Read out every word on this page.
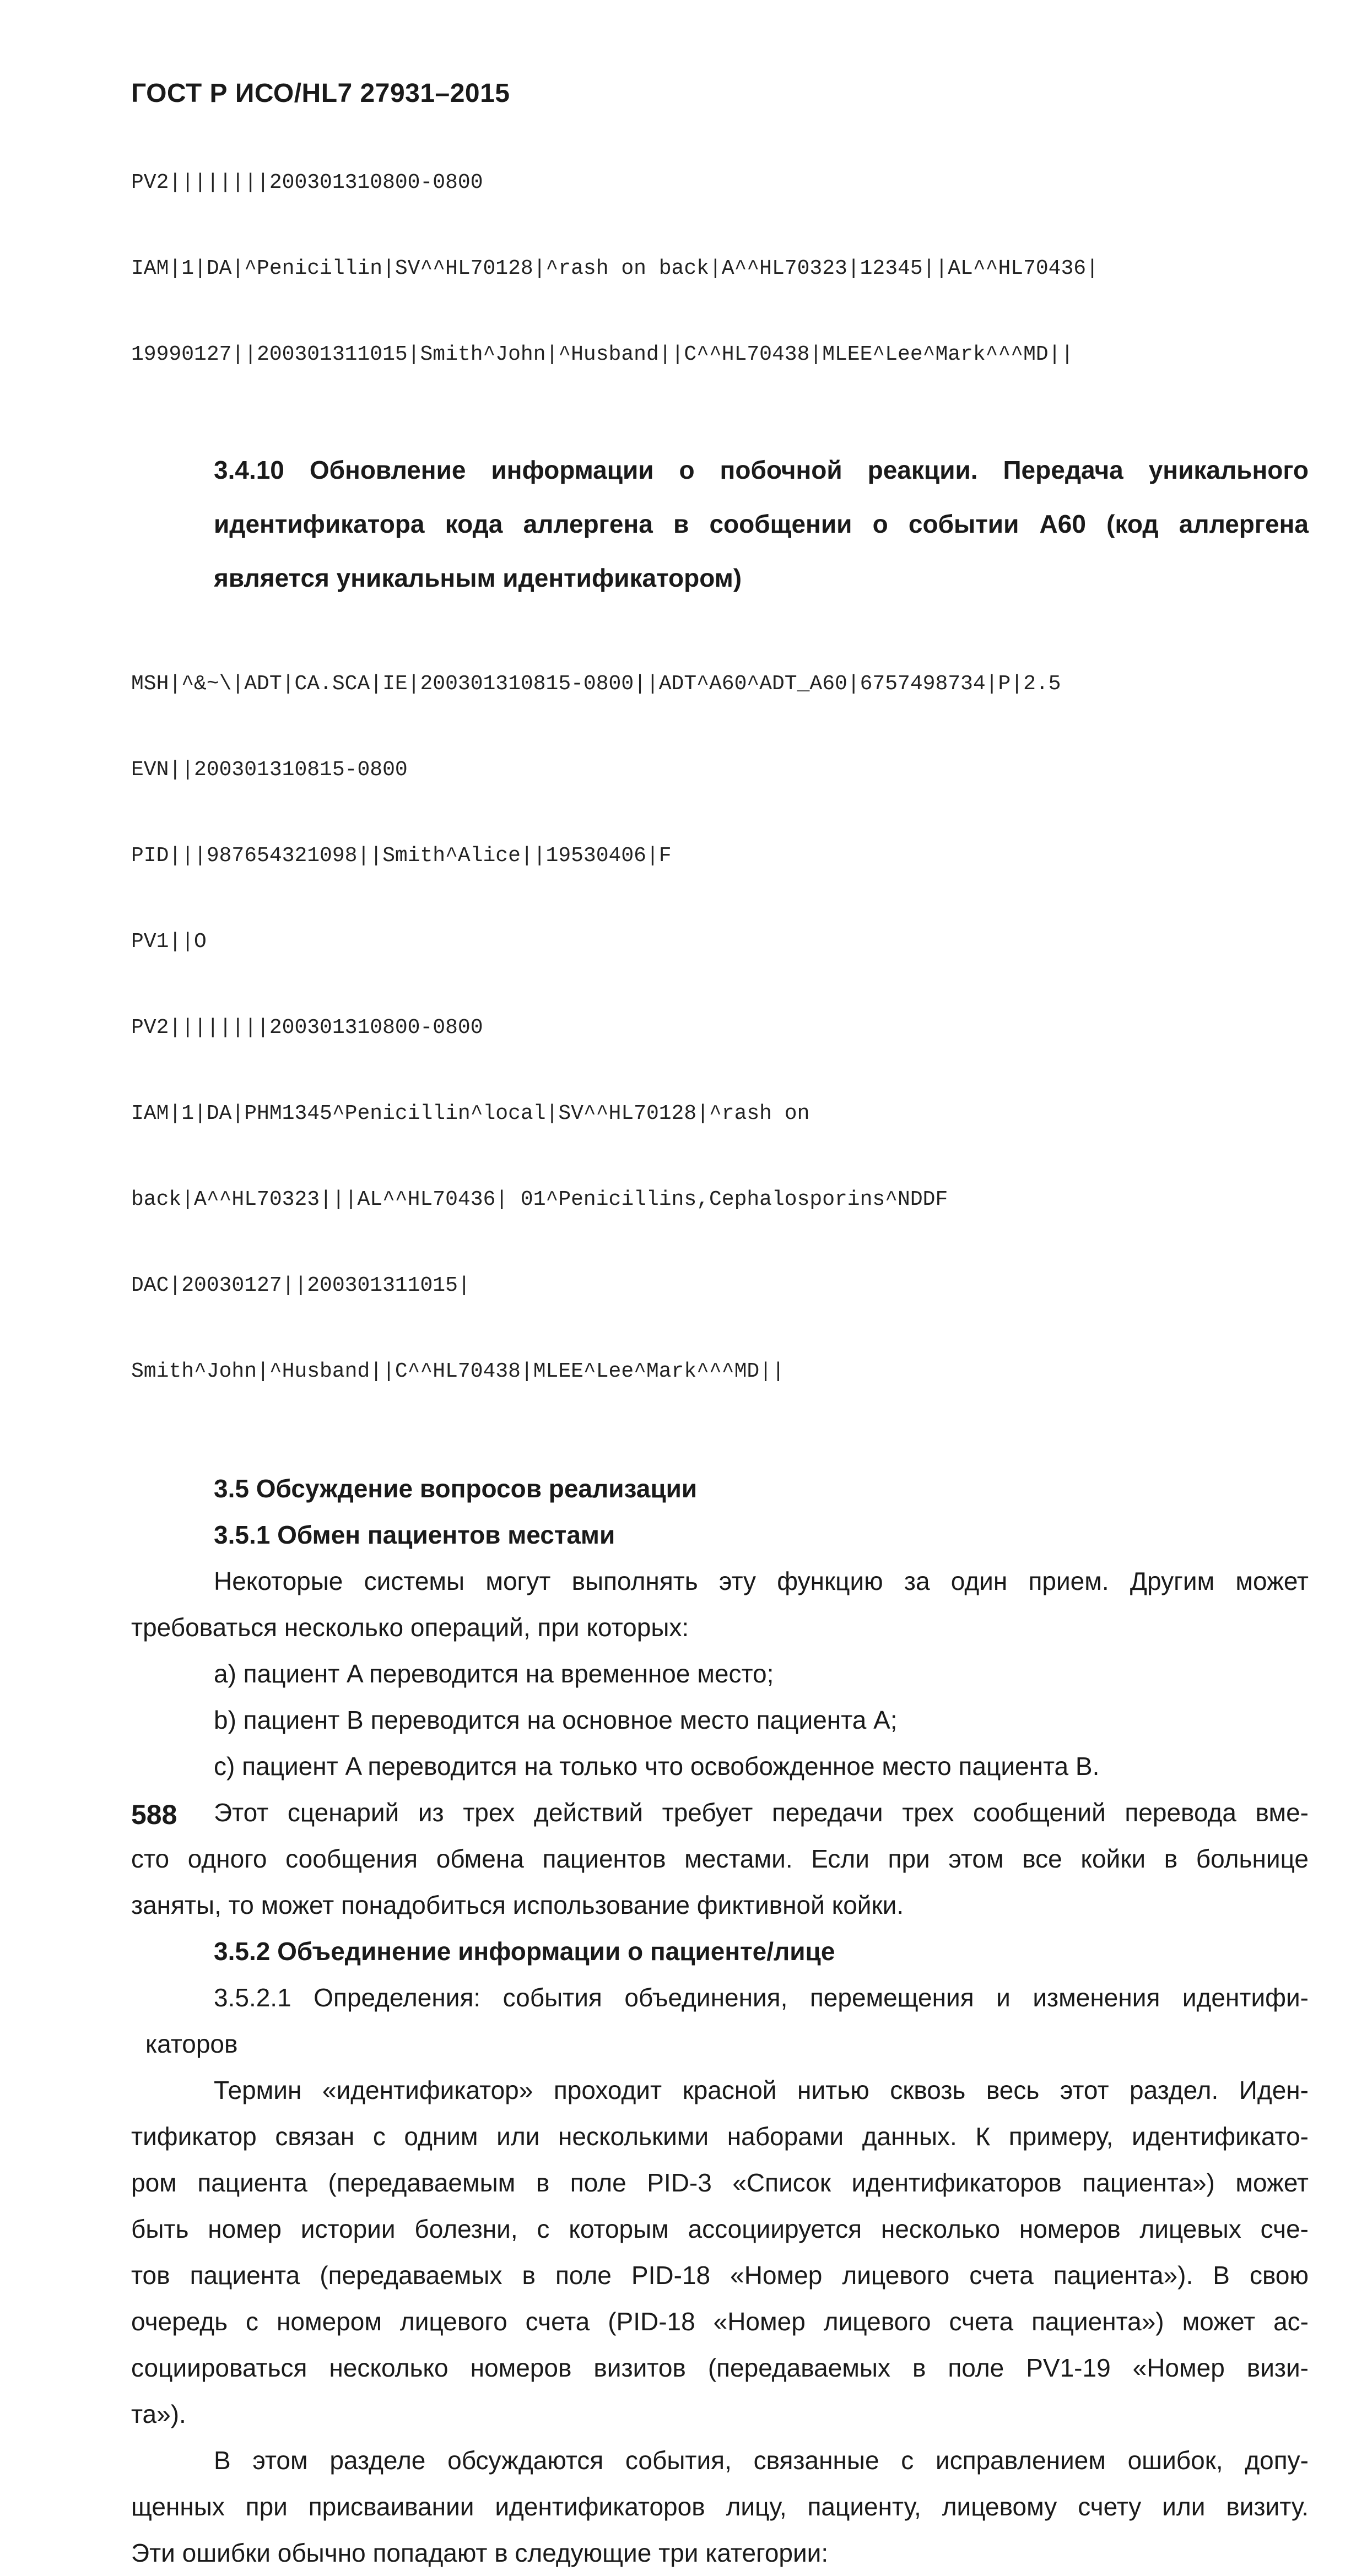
ГОСТ Р ИСО/HL7 27931–2015

PV2||||||||200301310800-0800

IAM|1|DA|^Penicillin|SV^^HL70128|^rash on back|A^^HL70323|12345||AL^^HL70436|

19990127||200301311015|Smith^John|^Husband||C^^HL70438|MLEE^Lee^Mark^^^MD||

3.4.10 Обновление информации о побочной реакции. Передача уникального
идентификатора кода аллергена в сообщении о событии A60 (код аллергена
является уникальным идентификатором)

MSH|^&~\|ADT|CA.SCA|IE|200301310815-0800||ADT^A60^ADT_A60|6757498734|P|2.5

EVN||200301310815-0800

PID|||987654321098||Smith^Alice||19530406|F

PV1||O

PV2||||||||200301310800-0800

IAM|1|DA|PHM1345^Penicillin^local|SV^^HL70128|^rash on

back|A^^HL70323|||AL^^HL70436| 01^Penicillins,Cephalosporins^NDDF

DAC|20030127||200301311015|

Smith^John|^Husband||C^^HL70438|MLEE^Lee^Mark^^^MD||

3.5 Обсуждение вопросов реализации
3.5.1 Обмен пациентов местами
Некоторые системы могут выполнять эту функцию за один прием. Другим может
требоваться несколько операций, при которых:
a) пациент A переводится на временное место;
b) пациент B переводится на основное место пациента A;
c) пациент A переводится на только что освобожденное место пациента B.
Этот сценарий из трех действий требует передачи трех сообщений перевода вме-
сто одного сообщения обмена пациентов местами. Если при этом все койки в больнице
заняты, то может понадобиться использование фиктивной койки.
3.5.2 Объединение информации о пациенте/лице
3.5.2.1 Определения: события объединения, перемещения и изменения идентифи-
каторов
Термин «идентификатор» проходит красной нитью сквозь весь этот раздел. Иден-
тификатор связан с одним или несколькими наборами данных. К примеру, идентификато-
ром пациента (передаваемым в поле PID-3 «Список идентификаторов пациента») может
быть номер истории болезни, с которым ассоциируется несколько номеров лицевых сче-
тов пациента (передаваемых в поле PID-18 «Номер лицевого счета пациента»). В свою
очередь с номером лицевого счета (PID-18 «Номер лицевого счета пациента») может ас-
социироваться несколько номеров визитов (передаваемых в поле PV1-19 «Номер визи-
та»).
В этом разделе обсуждаются события, связанные с исправлением ошибок, допу-
щенных при присваивании идентификаторов лицу, пациенту, лицевому счету или визиту.
Эти ошибки обычно попадают в следующие три категории:
588
